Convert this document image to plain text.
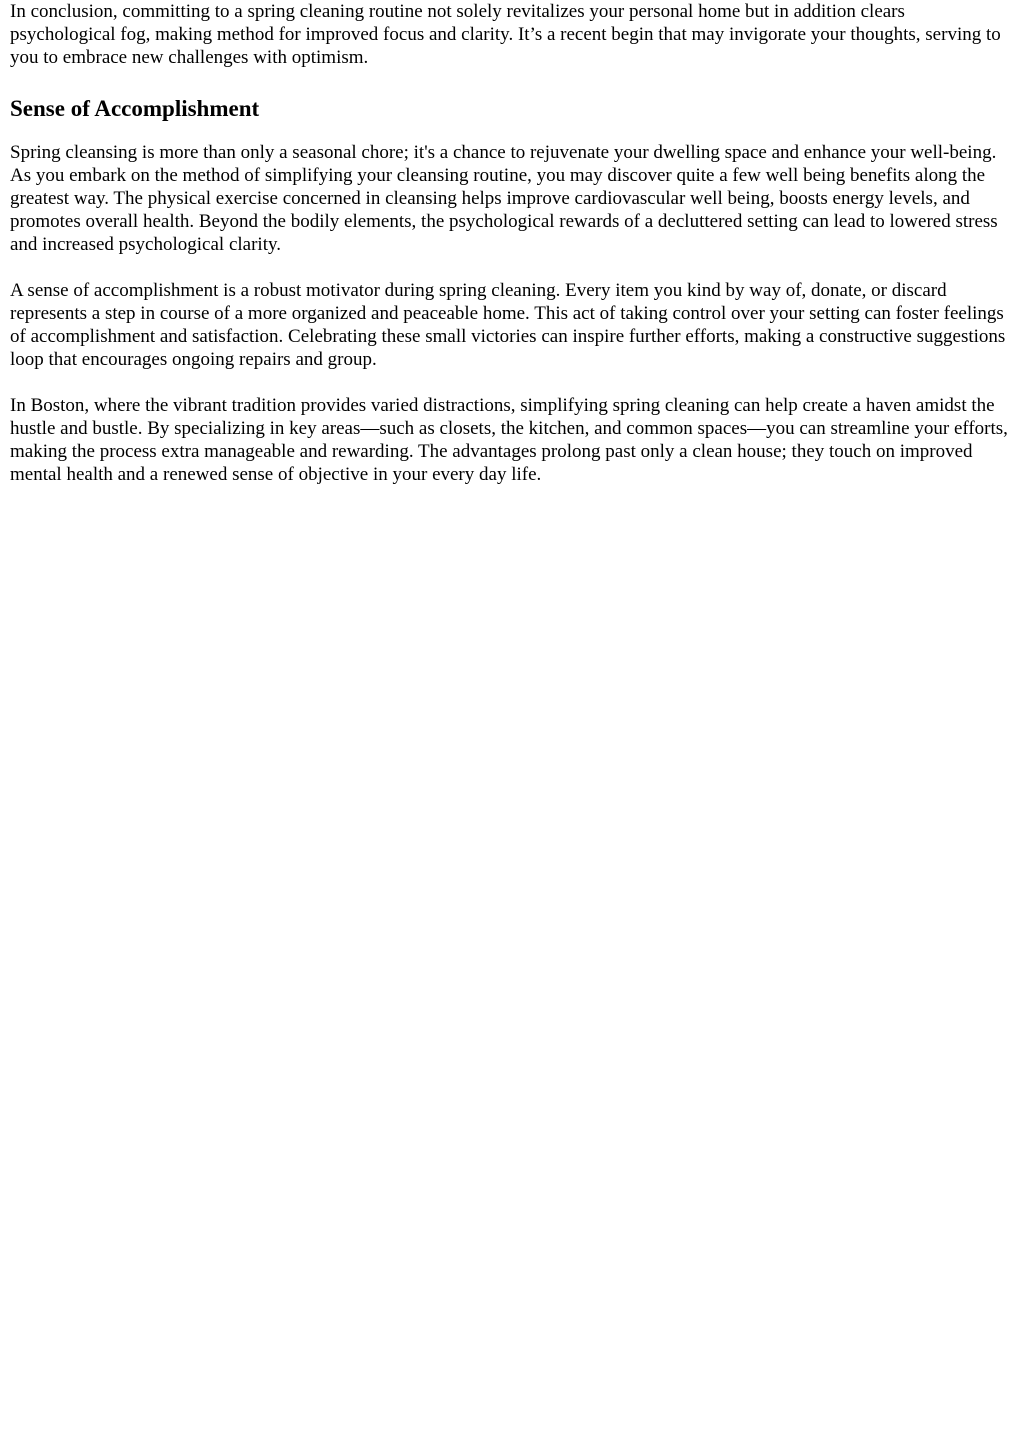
In conclusion, committing to a spring cleaning routine not solely revitalizes your personal home but in addition clears psychological fog, making method for improved focus and clarity. It’s a recent begin that may invigorate your thoughts, serving to you to embrace new challenges with optimism.

Sense of Accomplishment

Spring cleansing is more than only a seasonal chore; it's a chance to rejuvenate your dwelling space and enhance your well-being. As you embark on the method of simplifying your cleansing routine, you may discover quite a few well being benefits along the greatest way. The physical exercise concerned in cleansing helps improve cardiovascular well being, boosts energy levels, and promotes overall health. Beyond the bodily elements, the psychological rewards of a decluttered setting can lead to lowered stress and increased psychological clarity.

A sense of accomplishment is a robust motivator during spring cleaning. Every item you kind by way of, donate, or discard represents a step in course of a more organized and peaceable home. This act of taking control over your setting can foster feelings of accomplishment and satisfaction. Celebrating these small victories can inspire further efforts, making a constructive suggestions loop that encourages ongoing repairs and group.

In Boston, where the vibrant tradition provides varied distractions, simplifying spring cleaning can help create a haven amidst the hustle and bustle. By specializing in key areas—such as closets, the kitchen, and common spaces—you can streamline your efforts, making the process extra manageable and rewarding. The advantages prolong past only a clean house; they touch on improved mental health and a renewed sense of objective in your every day life.
